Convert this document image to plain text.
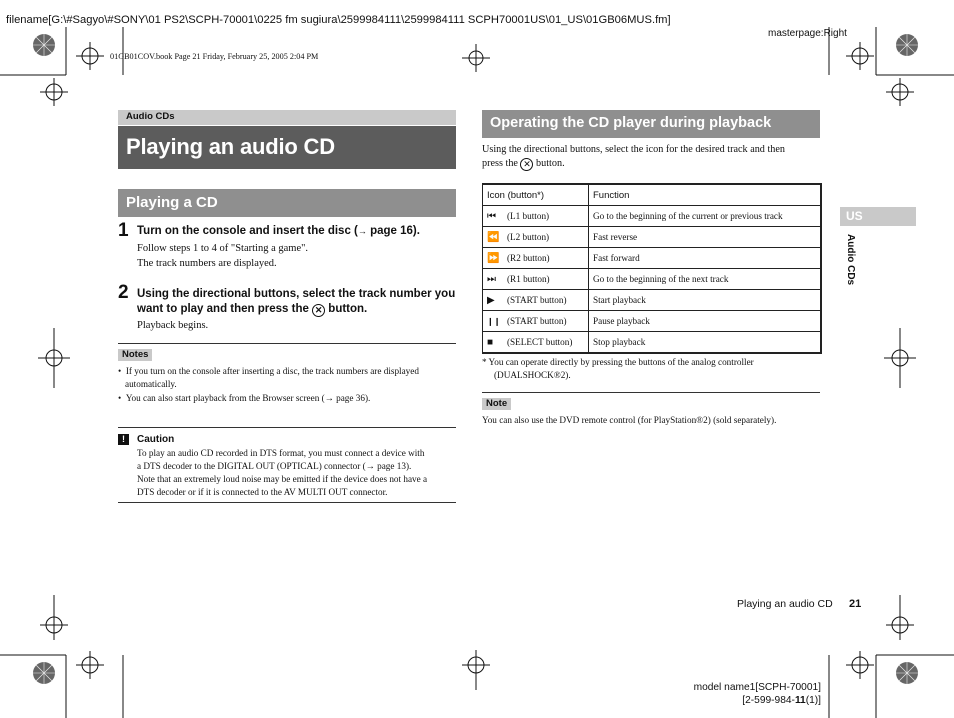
filename[G:\#Sagyo\#SONY\01 PS2\SCPH-70001\0225 fm sugiura\2599984111\2599984111 SCPH70001US\01_US\01GB06MUS.fm]
masterpage:Right
01GB01COV.book Page 21 Friday, February 25, 2005 2:04 PM
Audio CDs
Playing an audio CD
Playing a CD
1 Turn on the console and insert the disc (→ page 16).
Follow steps 1 to 4 of "Starting a game".
The track numbers are displayed.
2 Using the directional buttons, select the track number you
want to play and then press the ✕ button.
Playback begins.
Notes
•  If you turn on the console after inserting a disc, the track numbers are displayed
automatically.
•  You can also start playback from the Browser screen (→ page 36).
!	Caution
To play an audio CD recorded in DTS format, you must connect a device with
a DTS decoder to the DIGITAL OUT (OPTICAL) connector (→ page 13).
Note that an extremely loud noise may be emitted if the device does not have a
DTS decoder or if it is connected to the AV MULTI OUT connector.
Operating the CD player during playback
Using the directional buttons, select the icon for the desired track and then
press the ✕ button.
Icon (button*)	Function
⏮ (L1 button)	Go to the beginning of the current or previous track
⏪ (L2 button)	Fast reverse
⏩ (R2 button)	Fast forward
⏭ (R1 button)	Go to the beginning of the next track
▶ (START button)	Start playback
❙❙ (START button)	Pause playback
■ (SELECT button)	Stop playback
* You can operate directly by pressing the buttons of the analog controller
(DUALSHOCK®2).
Note
You can also use the DVD remote control (for PlayStation®2) (sold separately).
US
Audio CDs
Playing an audio CD 21
model name1[SCPH-70001]
[2-599-984-11(1)]
